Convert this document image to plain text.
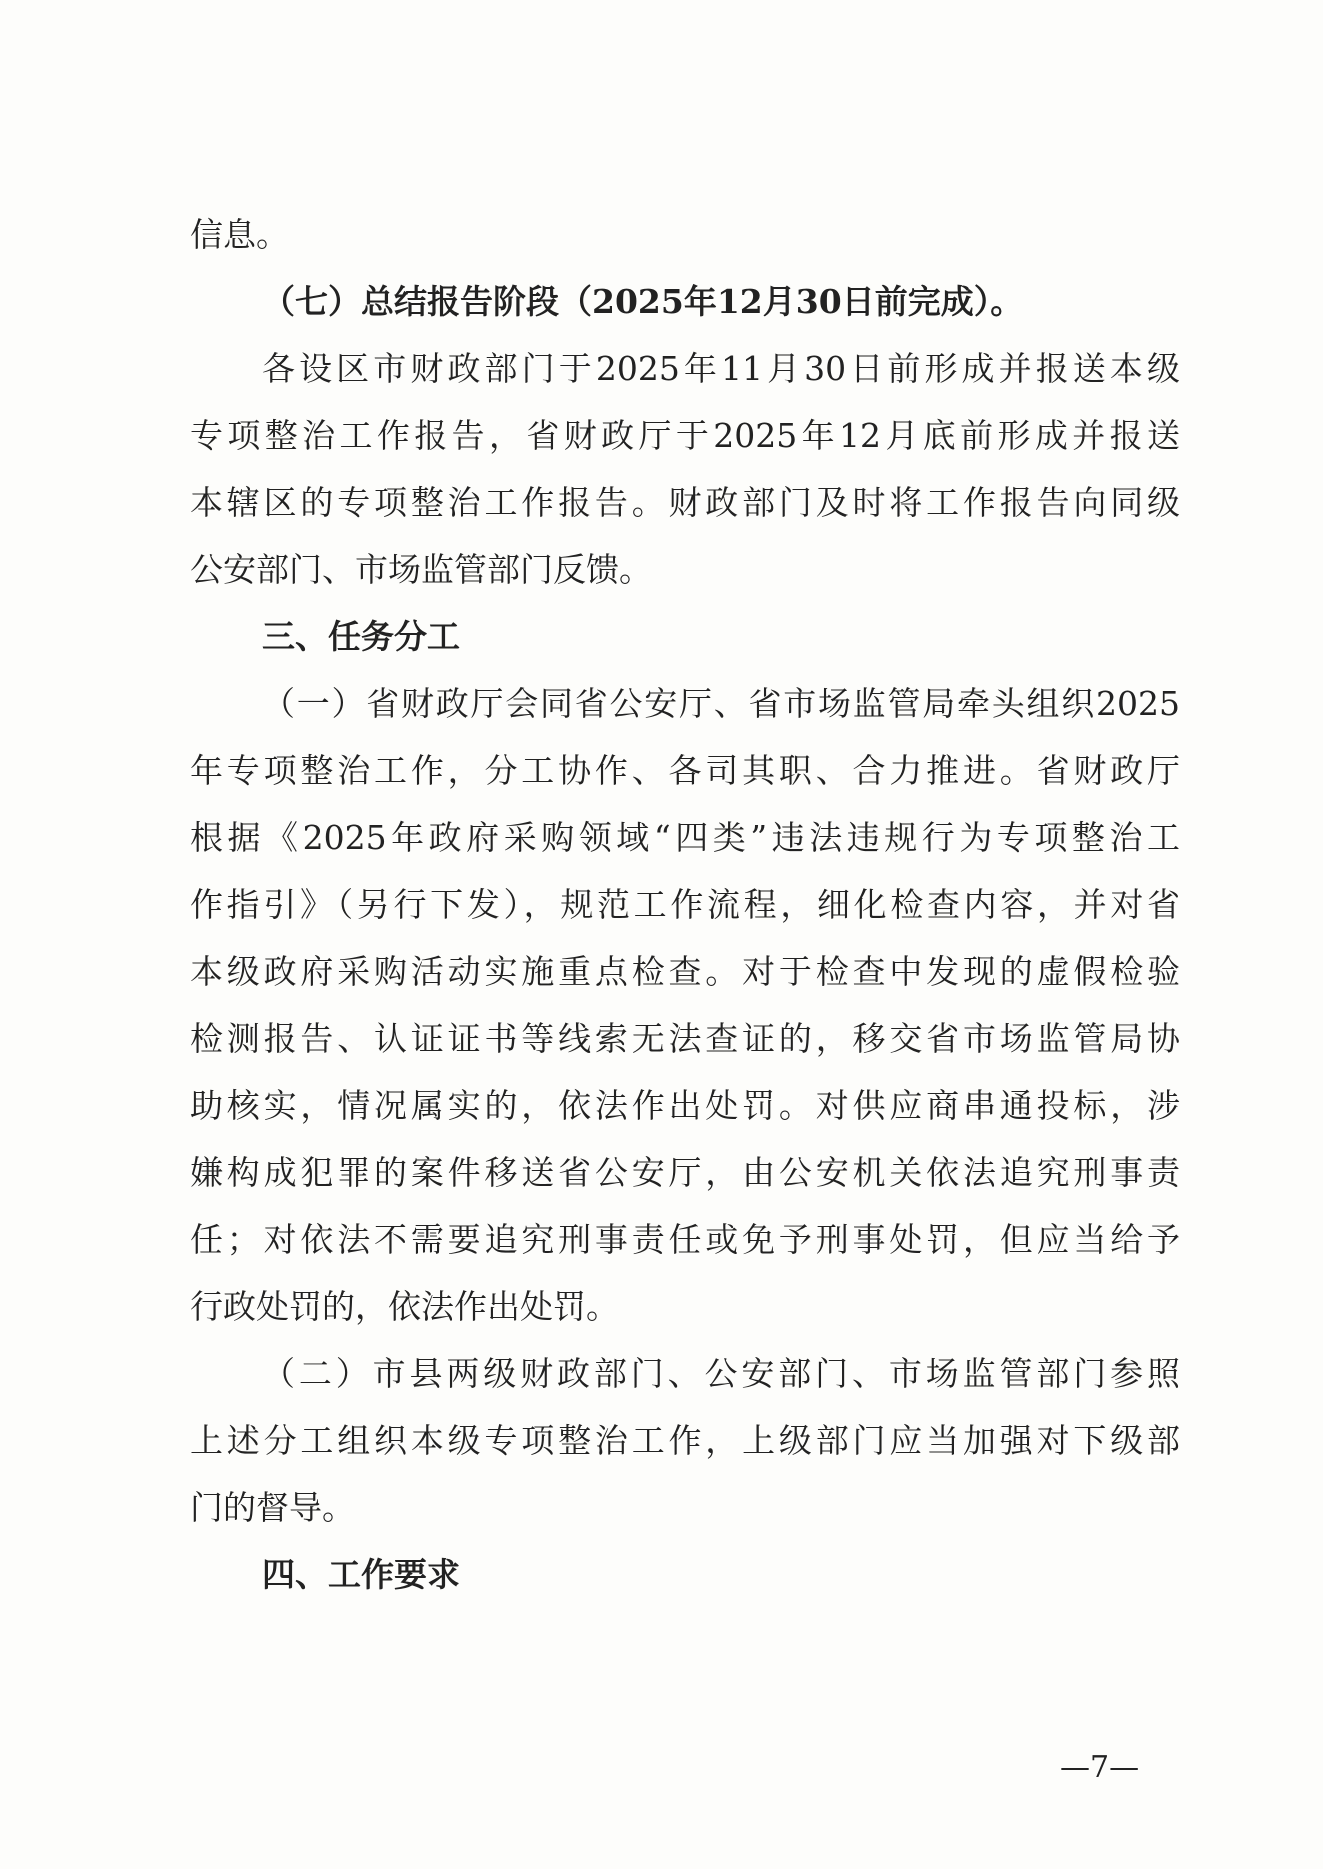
信息。
（七）总结报告阶段（2025年12月30日前完成）。
各设区市财政部门于2025年11月30日前形成并报送本级
专项整治工作报告，省财政厅于2025年12月底前形成并报送
本辖区的专项整治工作报告。财政部门及时将工作报告向同级
公安部门、市场监管部门反馈。
三、任务分工
（一）省财政厅会同省公安厅、省市场监管局牵头组织2025
年专项整治工作，分工协作、各司其职、合力推进。省财政厅
根据《2025年政府采购领域“四类”违法违规行为专项整治工
作指引》（另行下发），规范工作流程，细化检查内容，并对省
本级政府采购活动实施重点检查。对于检查中发现的虚假检验
检测报告、认证证书等线索无法查证的，移交省市场监管局协
助核实，情况属实的，依法作出处罚。对供应商串通投标，涉
嫌构成犯罪的案件移送省公安厅，由公安机关依法追究刑事责
任；对依法不需要追究刑事责任或免予刑事处罚，但应当给予
行政处罚的，依法作出处罚。
（二）市县两级财政部门、公安部门、市场监管部门参照
上述分工组织本级专项整治工作，上级部门应当加强对下级部
门的督导。
—7—
四、工作要求
